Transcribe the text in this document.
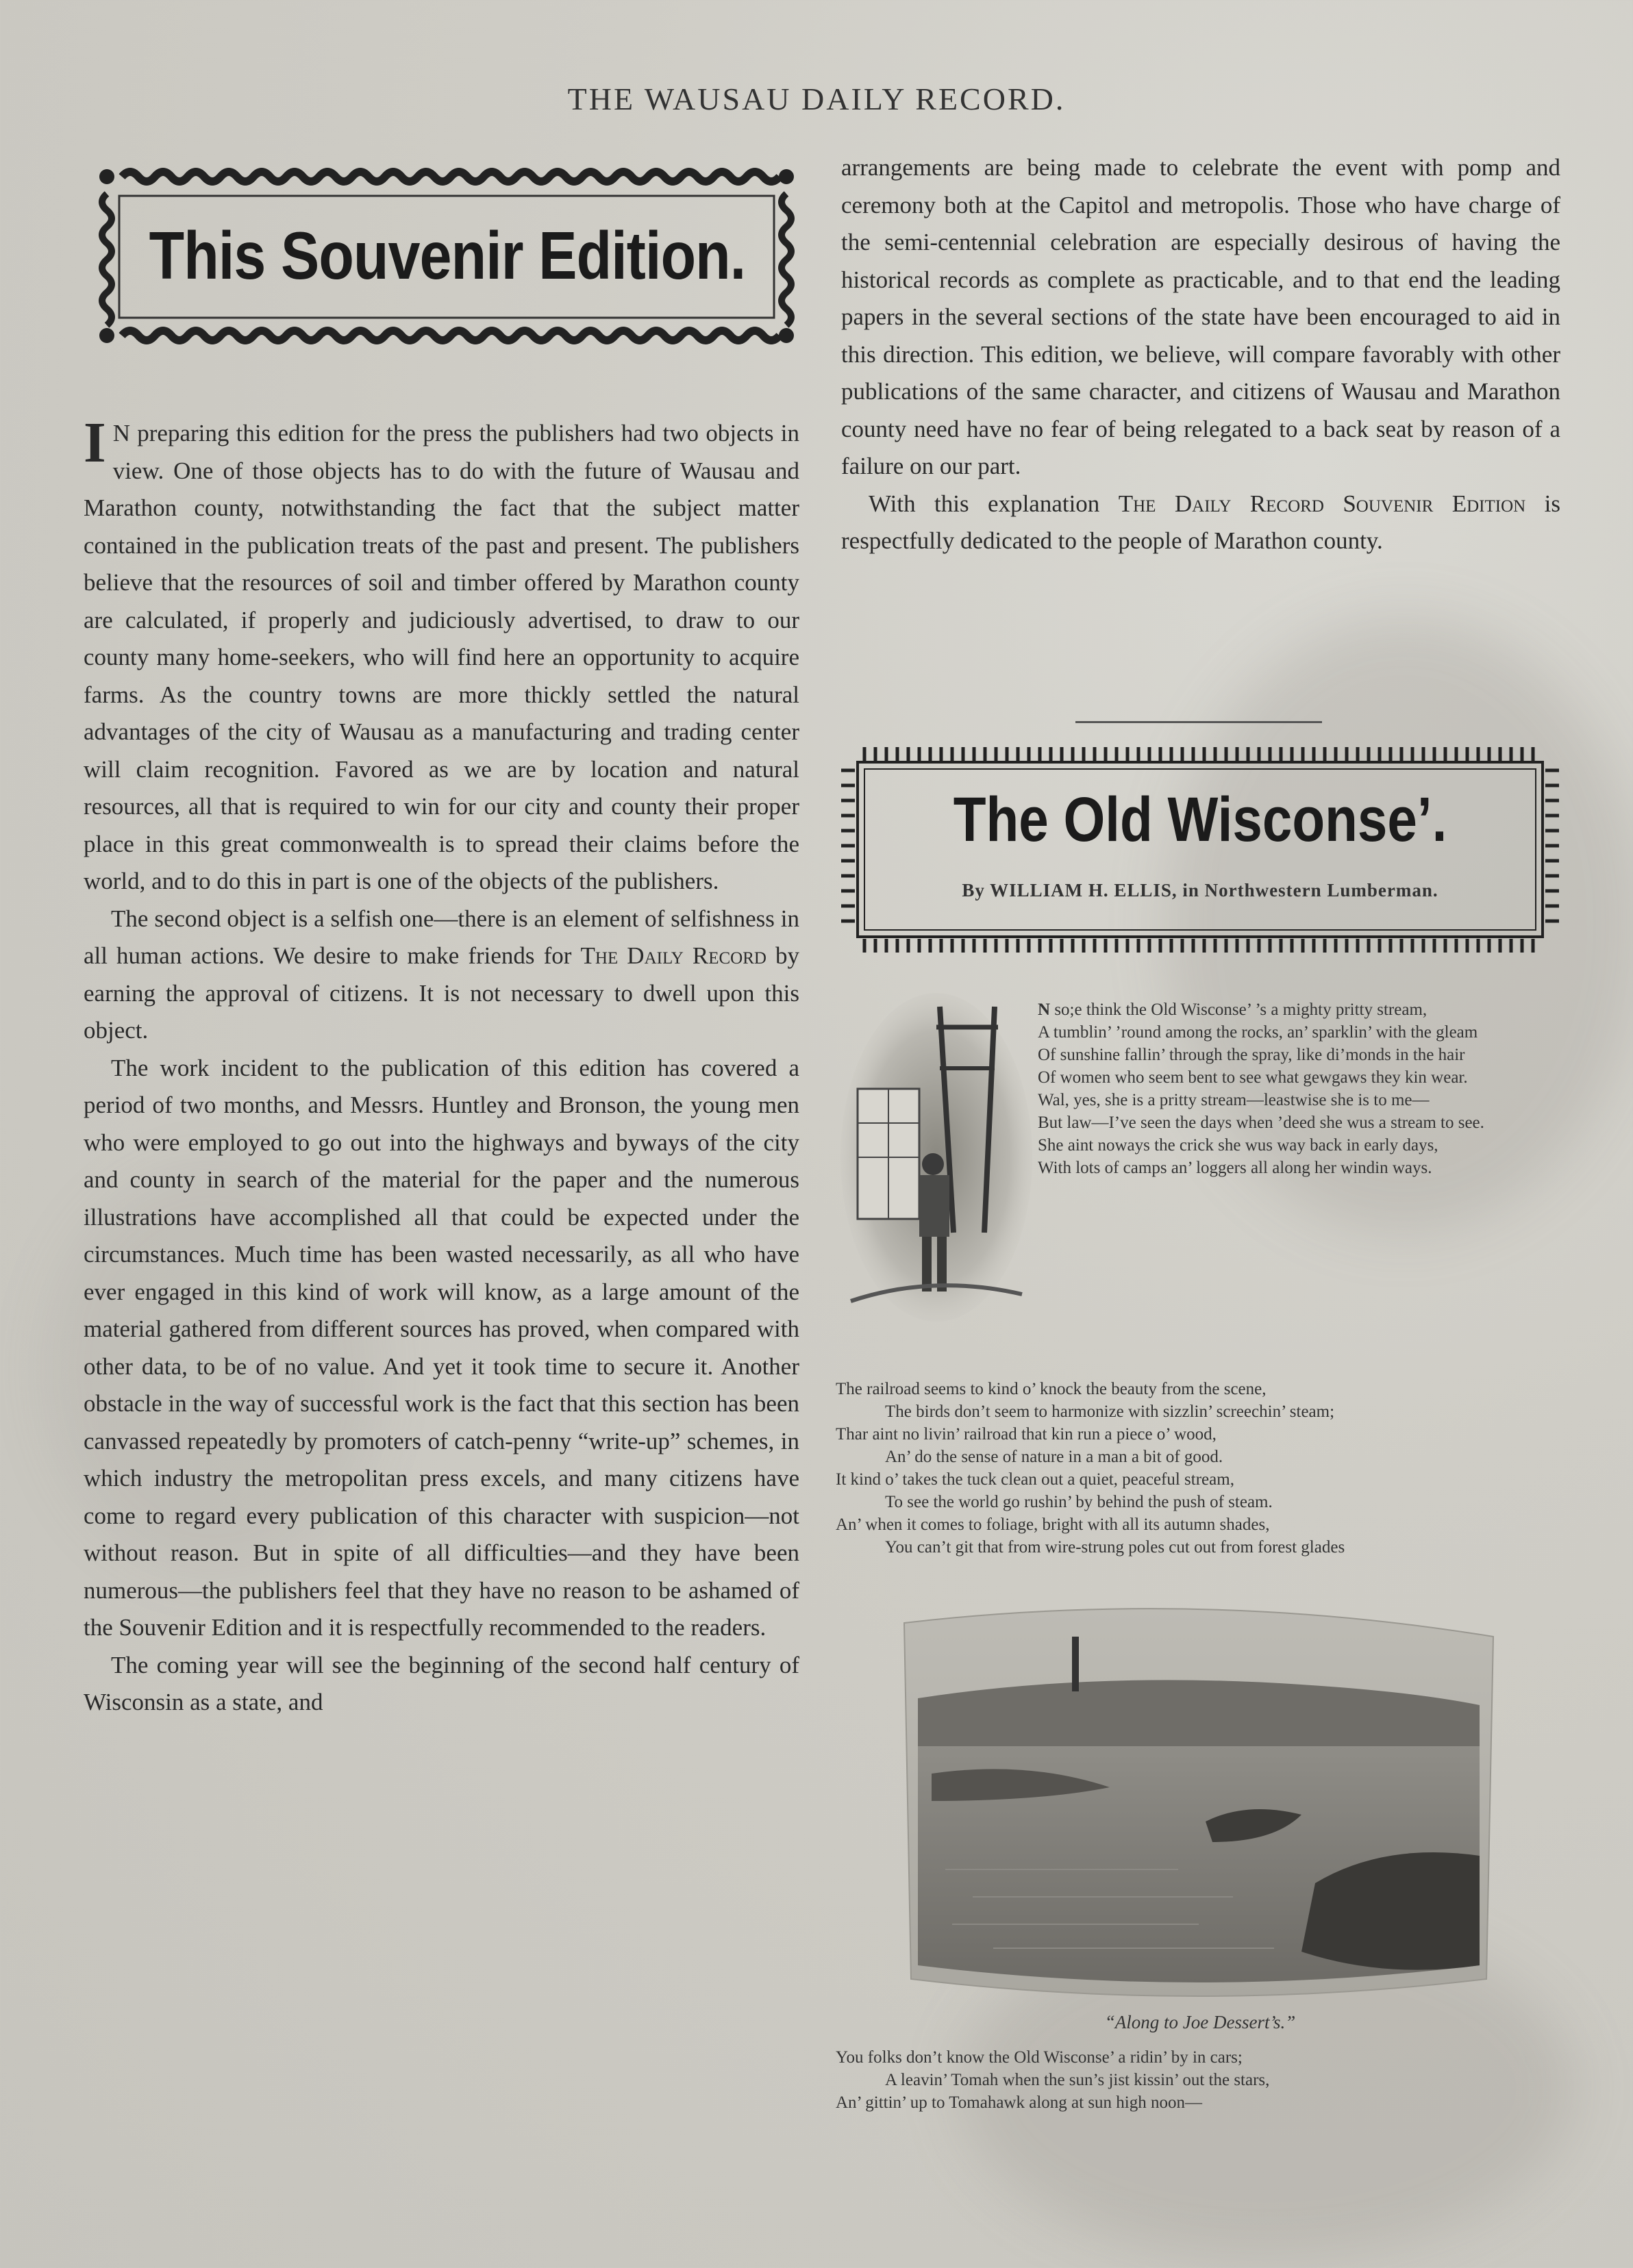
THE WAUSAU DAILY RECORD.
This Souvenir Edition.

I N preparing this edition for the press the publishers had two objects in view. One of those objects has to do with the future of Wausau and Marathon county, notwithstanding the fact that the subject matter contained in the publication treats of the past and present. The publishers believe that the resources of soil and timber offered by Marathon county are calculated, if properly and judiciously advertised, to draw to our county many home-seekers, who will find here an opportunity to acquire farms. As the country towns are more thickly settled the natural advantages of the city of Wausau as a manufacturing and trading center will claim recognition. Favored as we are by location and natural resources, all that is required to win for our city and county their proper place in this great commonwealth is to spread their claims before the world, and to do this in part is one of the objects of the publishers.

The second object is a selfish one—there is an element of selfishness in all human actions. We desire to make friends for The Daily Record by earning the approval of citizens. It is not necessary to dwell upon this object.

The work incident to the publication of this edition has covered a period of two months, and Messrs. Huntley and Bronson, the young men who were employed to go out into the highways and byways of the city and county in search of the material for the paper and the numerous illustrations have accomplished all that could be expected under the circumstances. Much time has been wasted necessarily, as all who have ever engaged in this kind of work will know, as a large amount of the material gathered from different sources has proved, when compared with other data, to be of no value. And yet it took time to secure it. Another obstacle in the way of successful work is the fact that this section has been canvassed repeatedly by promoters of catch-penny “write-up” schemes, in which industry the metropolitan press excels, and many citizens have come to regard every publication of this character with suspicion—not without reason. But in spite of all difficulties—and they have been numerous—the publishers feel that they have no reason to be ashamed of the Souvenir Edition and it is respectfully recommended to the readers.

The coming year will see the beginning of the second half century of Wisconsin as a state, and

arrangements are being made to celebrate the event with pomp and ceremony both at the Capitol and metropolis. Those who have charge of the semi-centennial celebration are especially desirous of having the historical records as complete as practicable, and to that end the leading papers in the several sections of the state have been encouraged to aid in this direction. This edition, we believe, will compare favorably with other publications of the same character, and citizens of Wausau and Marathon county need have no fear of being relegated to a back seat by reason of a failure on our part.

With this explanation The Daily Record Souvenir Edition is respectfully dedicated to the people of Marathon county.

The Old Wisconse’.
By WILLIAM H. ELLIS, in Northwestern Lumberman.

N so;e think the Old Wisconse’ ’s a mighty pritty stream,

A tumblin’ ’round among the rocks, an’ sparklin’ with the gleam

Of sunshine fallin’ through the spray, like di’monds in the hair

Of women who seem bent to see what gewgaws they kin wear.

Wal, yes, she is a pritty stream—leastwise she is to me—

But law—I’ve seen the days when ’deed she wus a stream to see.

She aint noways the crick she wus way back in early days,

With lots of camps an’ loggers all along her windin ways.

The railroad seems to kind o’ knock the beauty from the scene,

The birds don’t seem to harmonize with sizzlin’ screechin’ steam;

Thar aint no livin’ railroad that kin run a piece o’ wood,

An’ do the sense of nature in a man a bit of good.

It kind o’ takes the tuck clean out a quiet, peaceful stream,

To see the world go rushin’ by behind the push of steam.

An’ when it comes to foliage, bright with all its autumn shades,

You can’t git that from wire-strung poles cut out from forest glades

“Along to Joe Dessert’s.”

You folks don’t know the Old Wisconse’ a ridin’ by in cars;

A leavin’ Tomah when the sun’s jist kissin’ out the stars,

An’ gittin’ up to Tomahawk along at sun high noon—
